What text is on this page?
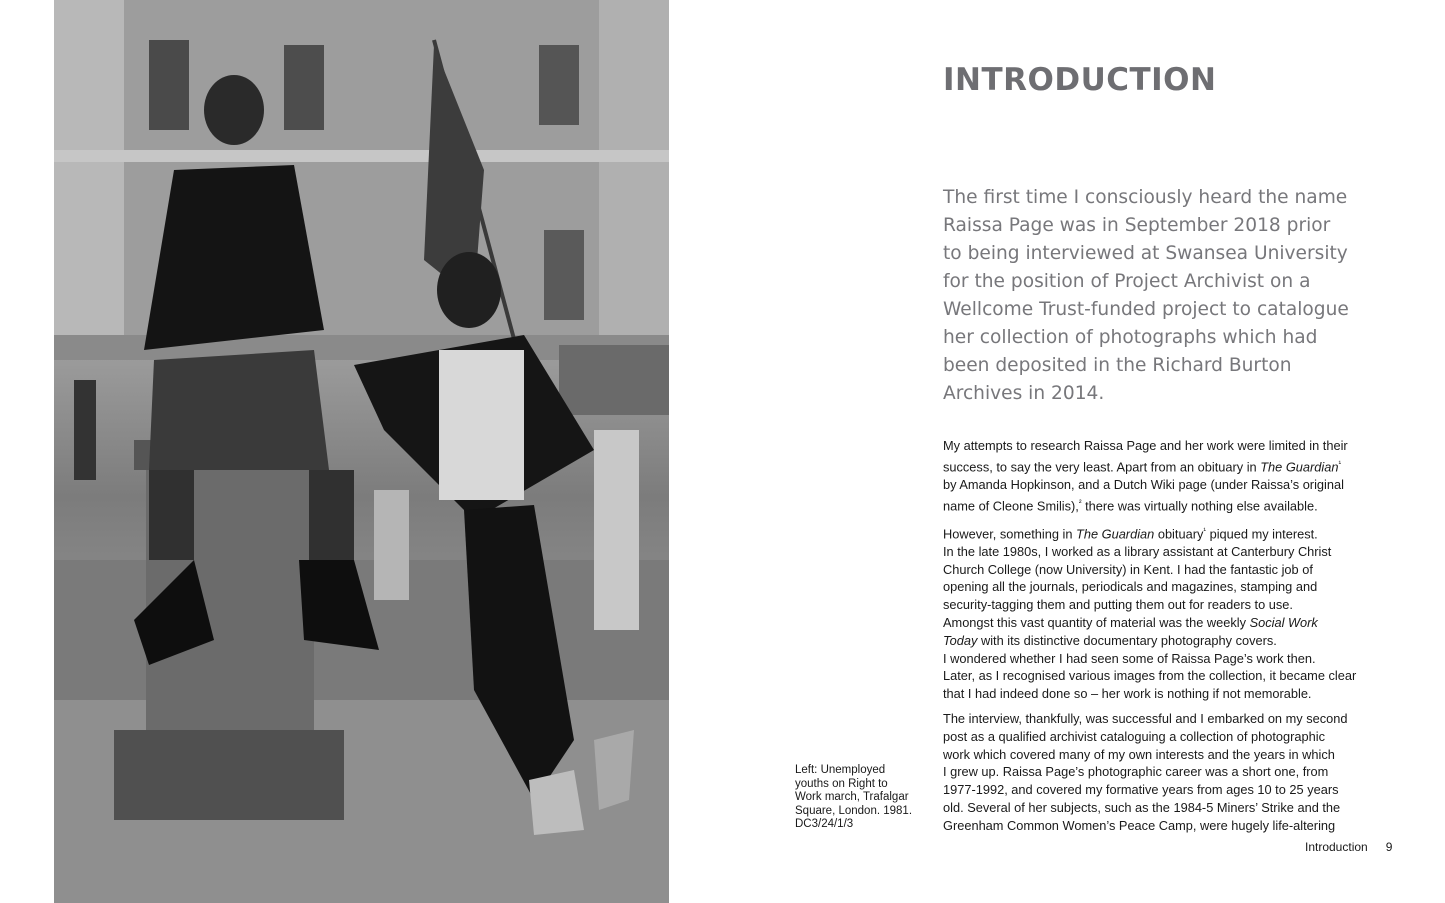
Left: Unemployed
youths on Right to
Work march, Trafalgar
Square, London. 1981.
DC3/24/1/3
INTRODUCTION
The first time I consciously heard the name
Raissa Page was in September 2018 prior
to being interviewed at Swansea University
for the position of Project Archivist on a
Wellcome Trust-funded project to catalogue
her collection of photographs which had
been deposited in the Richard Burton
Archives in 2014.

My attempts to research Raissa Page and her work were limited in their
success, to say the very least. Apart from an obituary in The Guardian$^{^1}$
by Amanda Hopkinson, and a Dutch Wiki page (under Raissa’s original
name of Cleone Smilis),$^{^2}$ there was virtually nothing else available.

However, something in The Guardian obituary$^{^1}$ piqued my interest.
In the late 1980s, I worked as a library assistant at Canterbury Christ
Church College (now University) in Kent. I had the fantastic job of
opening all the journals, periodicals and magazines, stamping and
security-tagging them and putting them out for readers to use.
Amongst this vast quantity of material was the weekly Social Work
Today with its distinctive documentary photography covers.
I wondered whether I had seen some of Raissa Page’s work then.
Later, as I recognised various images from the collection, it became clear
that I had indeed done so – her work is nothing if not memorable.

The interview, thankfully, was successful and I embarked on my second
post as a qualified archivist cataloguing a collection of photographic
work which covered many of my own interests and the years in which
I grew up. Raissa Page’s photographic career was a short one, from
1977-1992, and covered my formative years from ages 10 to 25 years
old. Several of her subjects, such as the 1984-5 Miners’ Strike and the
Greenham Common Women’s Peace Camp, were hugely life-altering

Introduction 9
